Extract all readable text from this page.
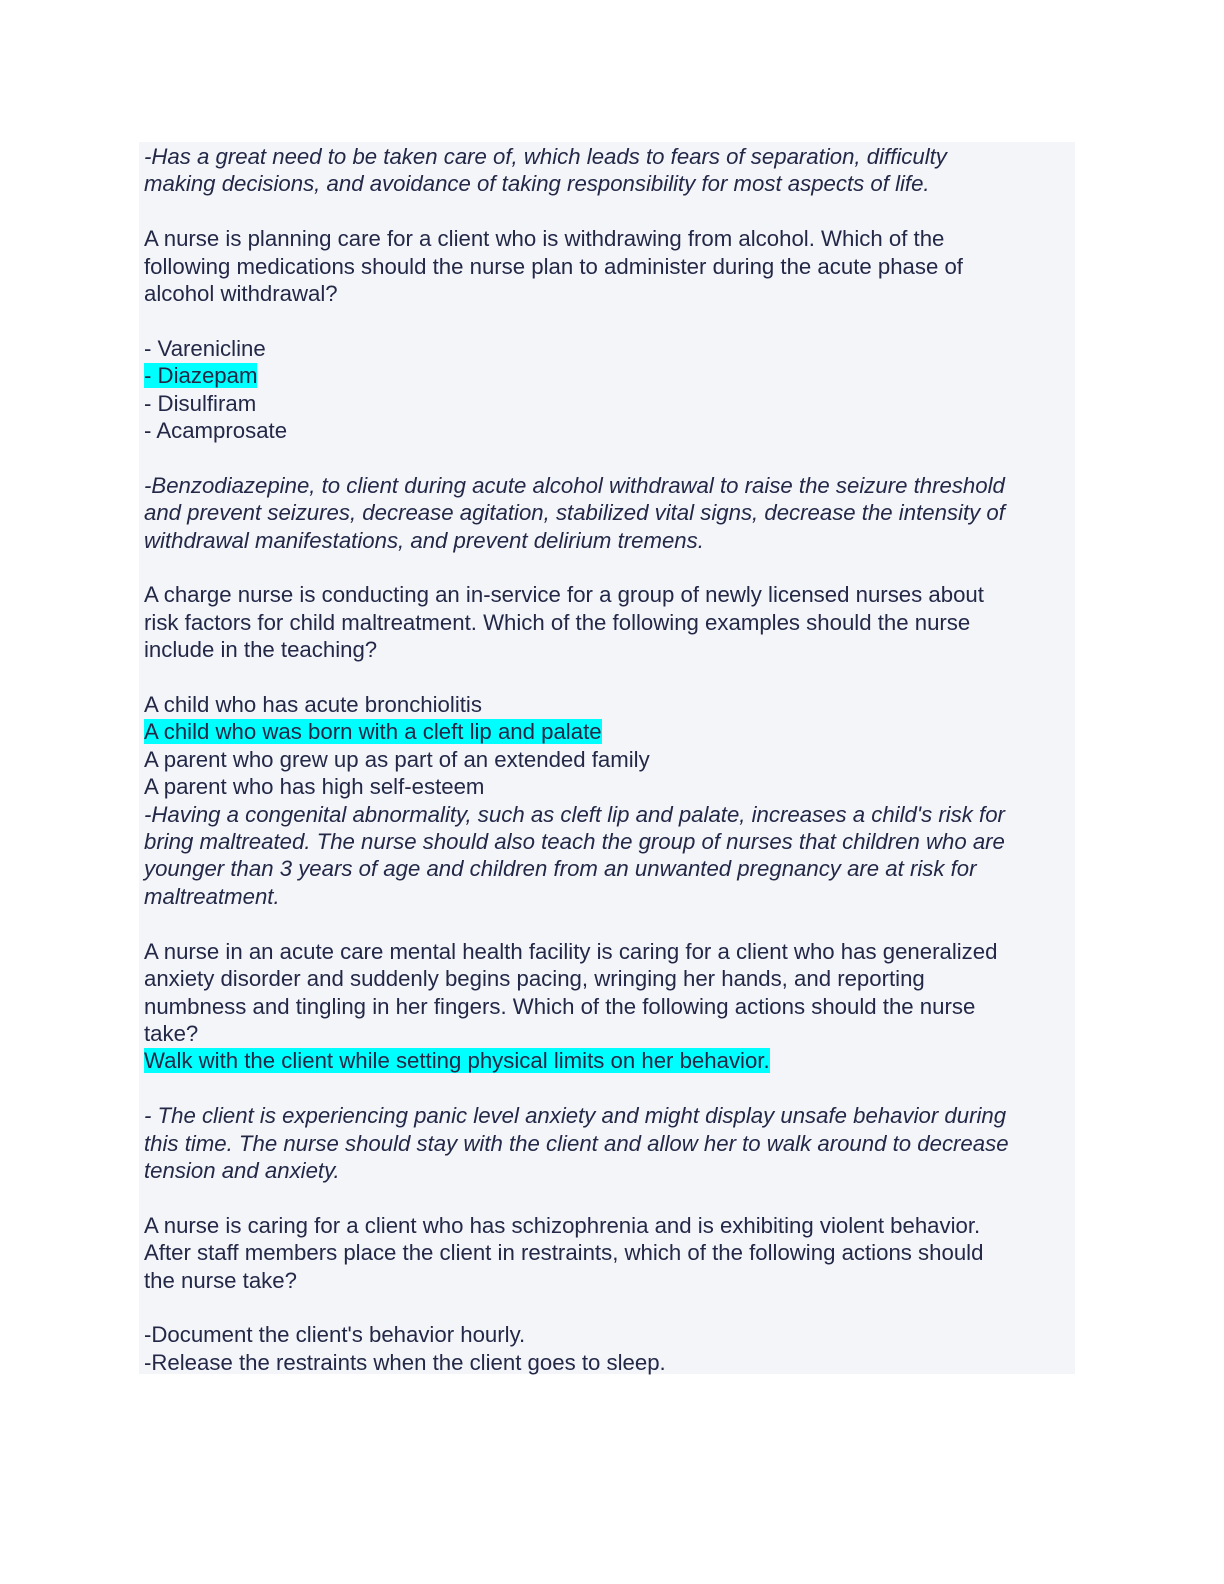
-Has a great need to be taken care of, which leads to fears of separation, difficulty

making decisions, and avoidance of taking responsibility for most aspects of life.

A nurse is planning care for a client who is withdrawing from alcohol. Which of the

following medications should the nurse plan to administer during the acute phase of

alcohol withdrawal?

- Varenicline

- Diazepam

- Disulfiram

- Acamprosate

-Benzodiazepine, to client during acute alcohol withdrawal to raise the seizure threshold

and prevent seizures, decrease agitation, stabilized vital signs, decrease the intensity of

withdrawal manifestations, and prevent delirium tremens.

A charge nurse is conducting an in-service for a group of newly licensed nurses about

risk factors for child maltreatment. Which of the following examples should the nurse

include in the teaching?

A child who has acute bronchiolitis

A child who was born with a cleft lip and palate

A parent who grew up as part of an extended family

A parent who has high self-esteem

-Having a congenital abnormality, such as cleft lip and palate, increases a child's risk for

bring maltreated. The nurse should also teach the group of nurses that children who are

younger than 3 years of age and children from an unwanted pregnancy are at risk for

maltreatment.

A nurse in an acute care mental health facility is caring for a client who has generalized

anxiety disorder and suddenly begins pacing, wringing her hands, and reporting

numbness and tingling in her fingers. Which of the following actions should the nurse

take?

Walk with the client while setting physical limits on her behavior.

- The client is experiencing panic level anxiety and might display unsafe behavior during

this time. The nurse should stay with the client and allow her to walk around to decrease

tension and anxiety.

A nurse is caring for a client who has schizophrenia and is exhibiting violent behavior.

After staff members place the client in restraints, which of the following actions should

the nurse take?

-Document the client's behavior hourly.

-Release the restraints when the client goes to sleep.
